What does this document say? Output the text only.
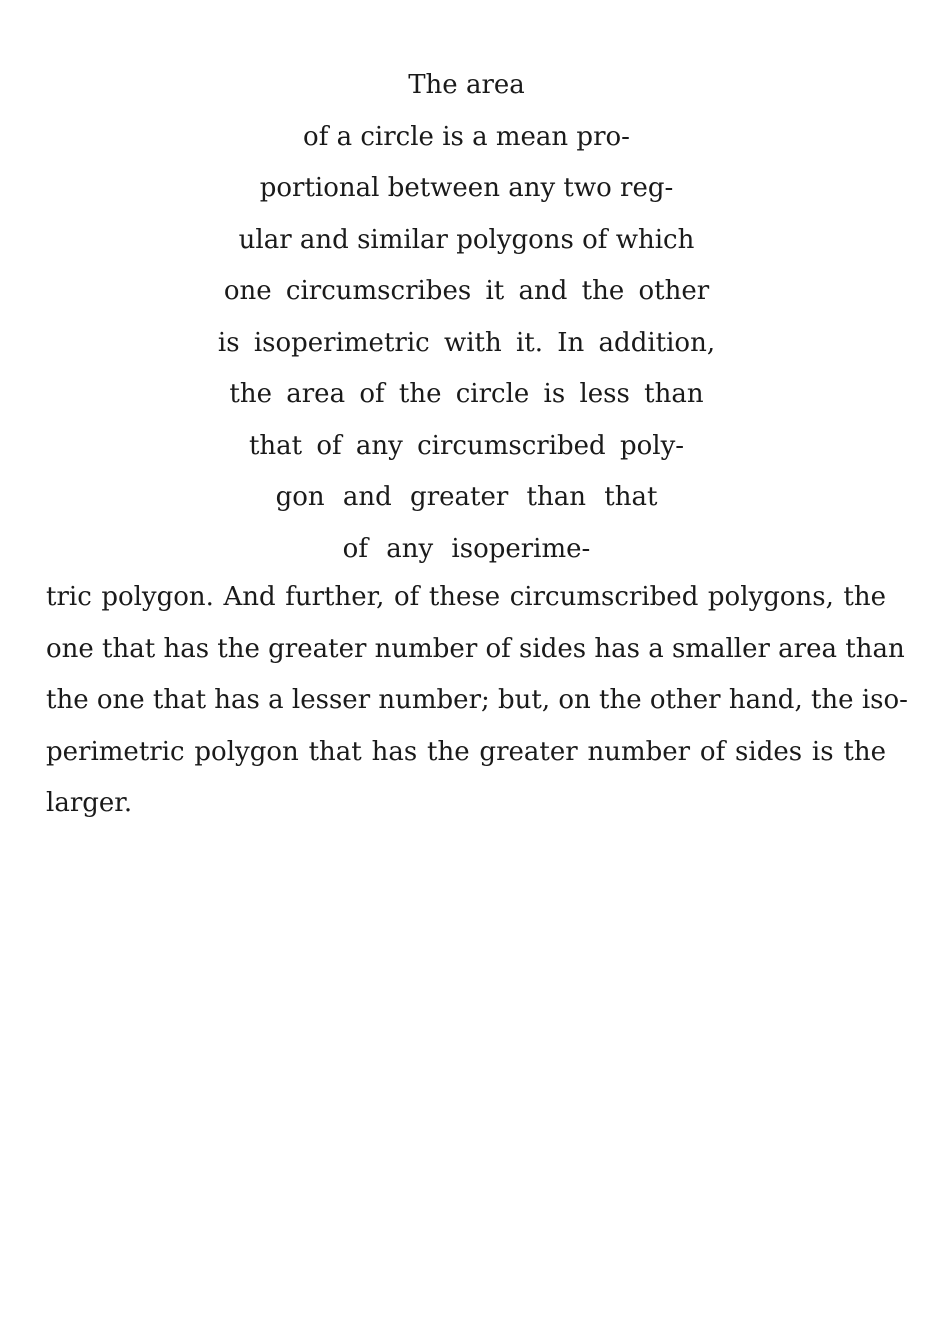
The area
of a circle is a mean pro-
portional between any two reg-
ular and similar polygons of which
one circumscribes it and the other
is isoperimetric with it. In addition,
the area of the circle is less than
that of any circumscribed poly-
gon and greater than that
of any isoperime-
tric polygon. And further, of these circumscribed polygons, the
one that has the greater number of sides has a smaller area than
the one that has a lesser number; but, on the other hand, the iso-
perimetric polygon that has the greater number of sides is the
larger.
